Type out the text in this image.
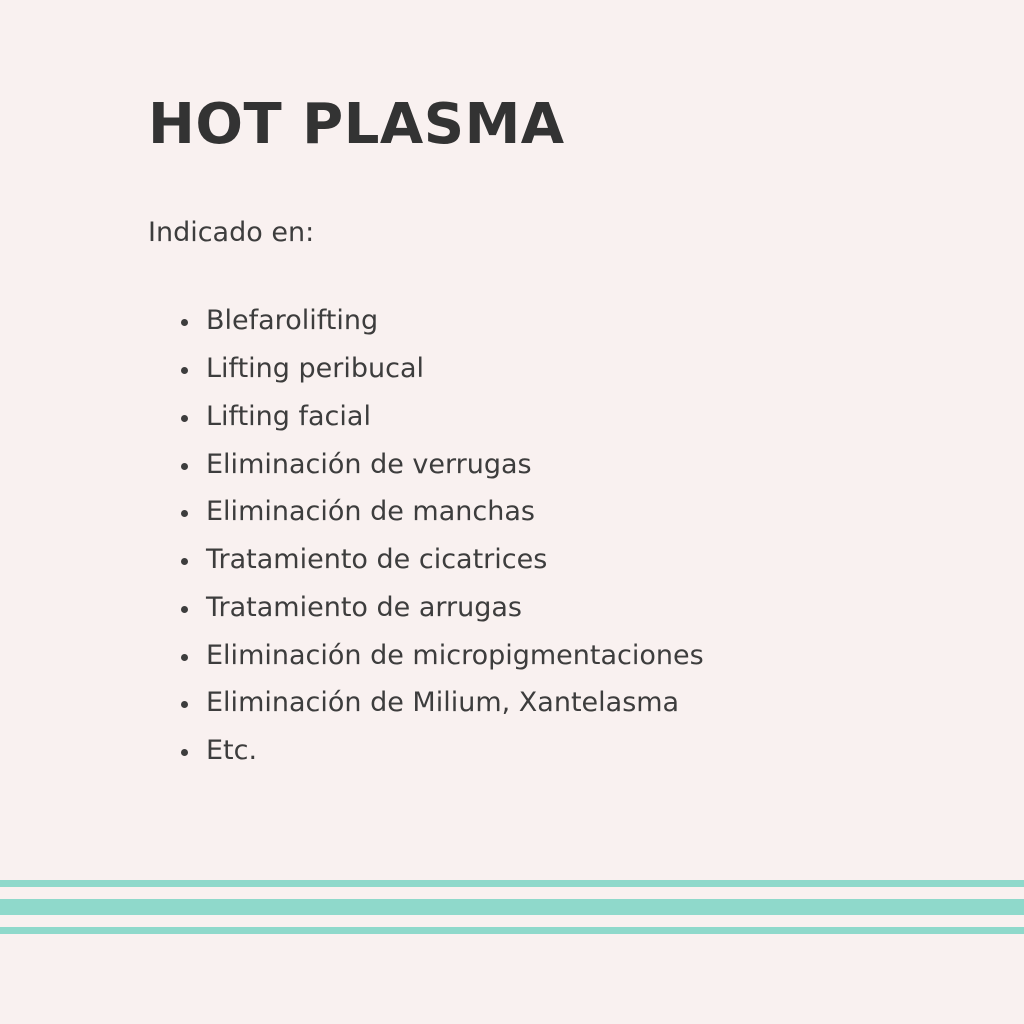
HOT PLASMA

Indicado en:

Blefarolifting
Lifting peribucal
Lifting facial
Eliminación de verrugas
Eliminación de manchas
Tratamiento de cicatrices
Tratamiento de arrugas
Eliminación de micropigmentaciones
Eliminación de Milium, Xantelasma
Etc.
